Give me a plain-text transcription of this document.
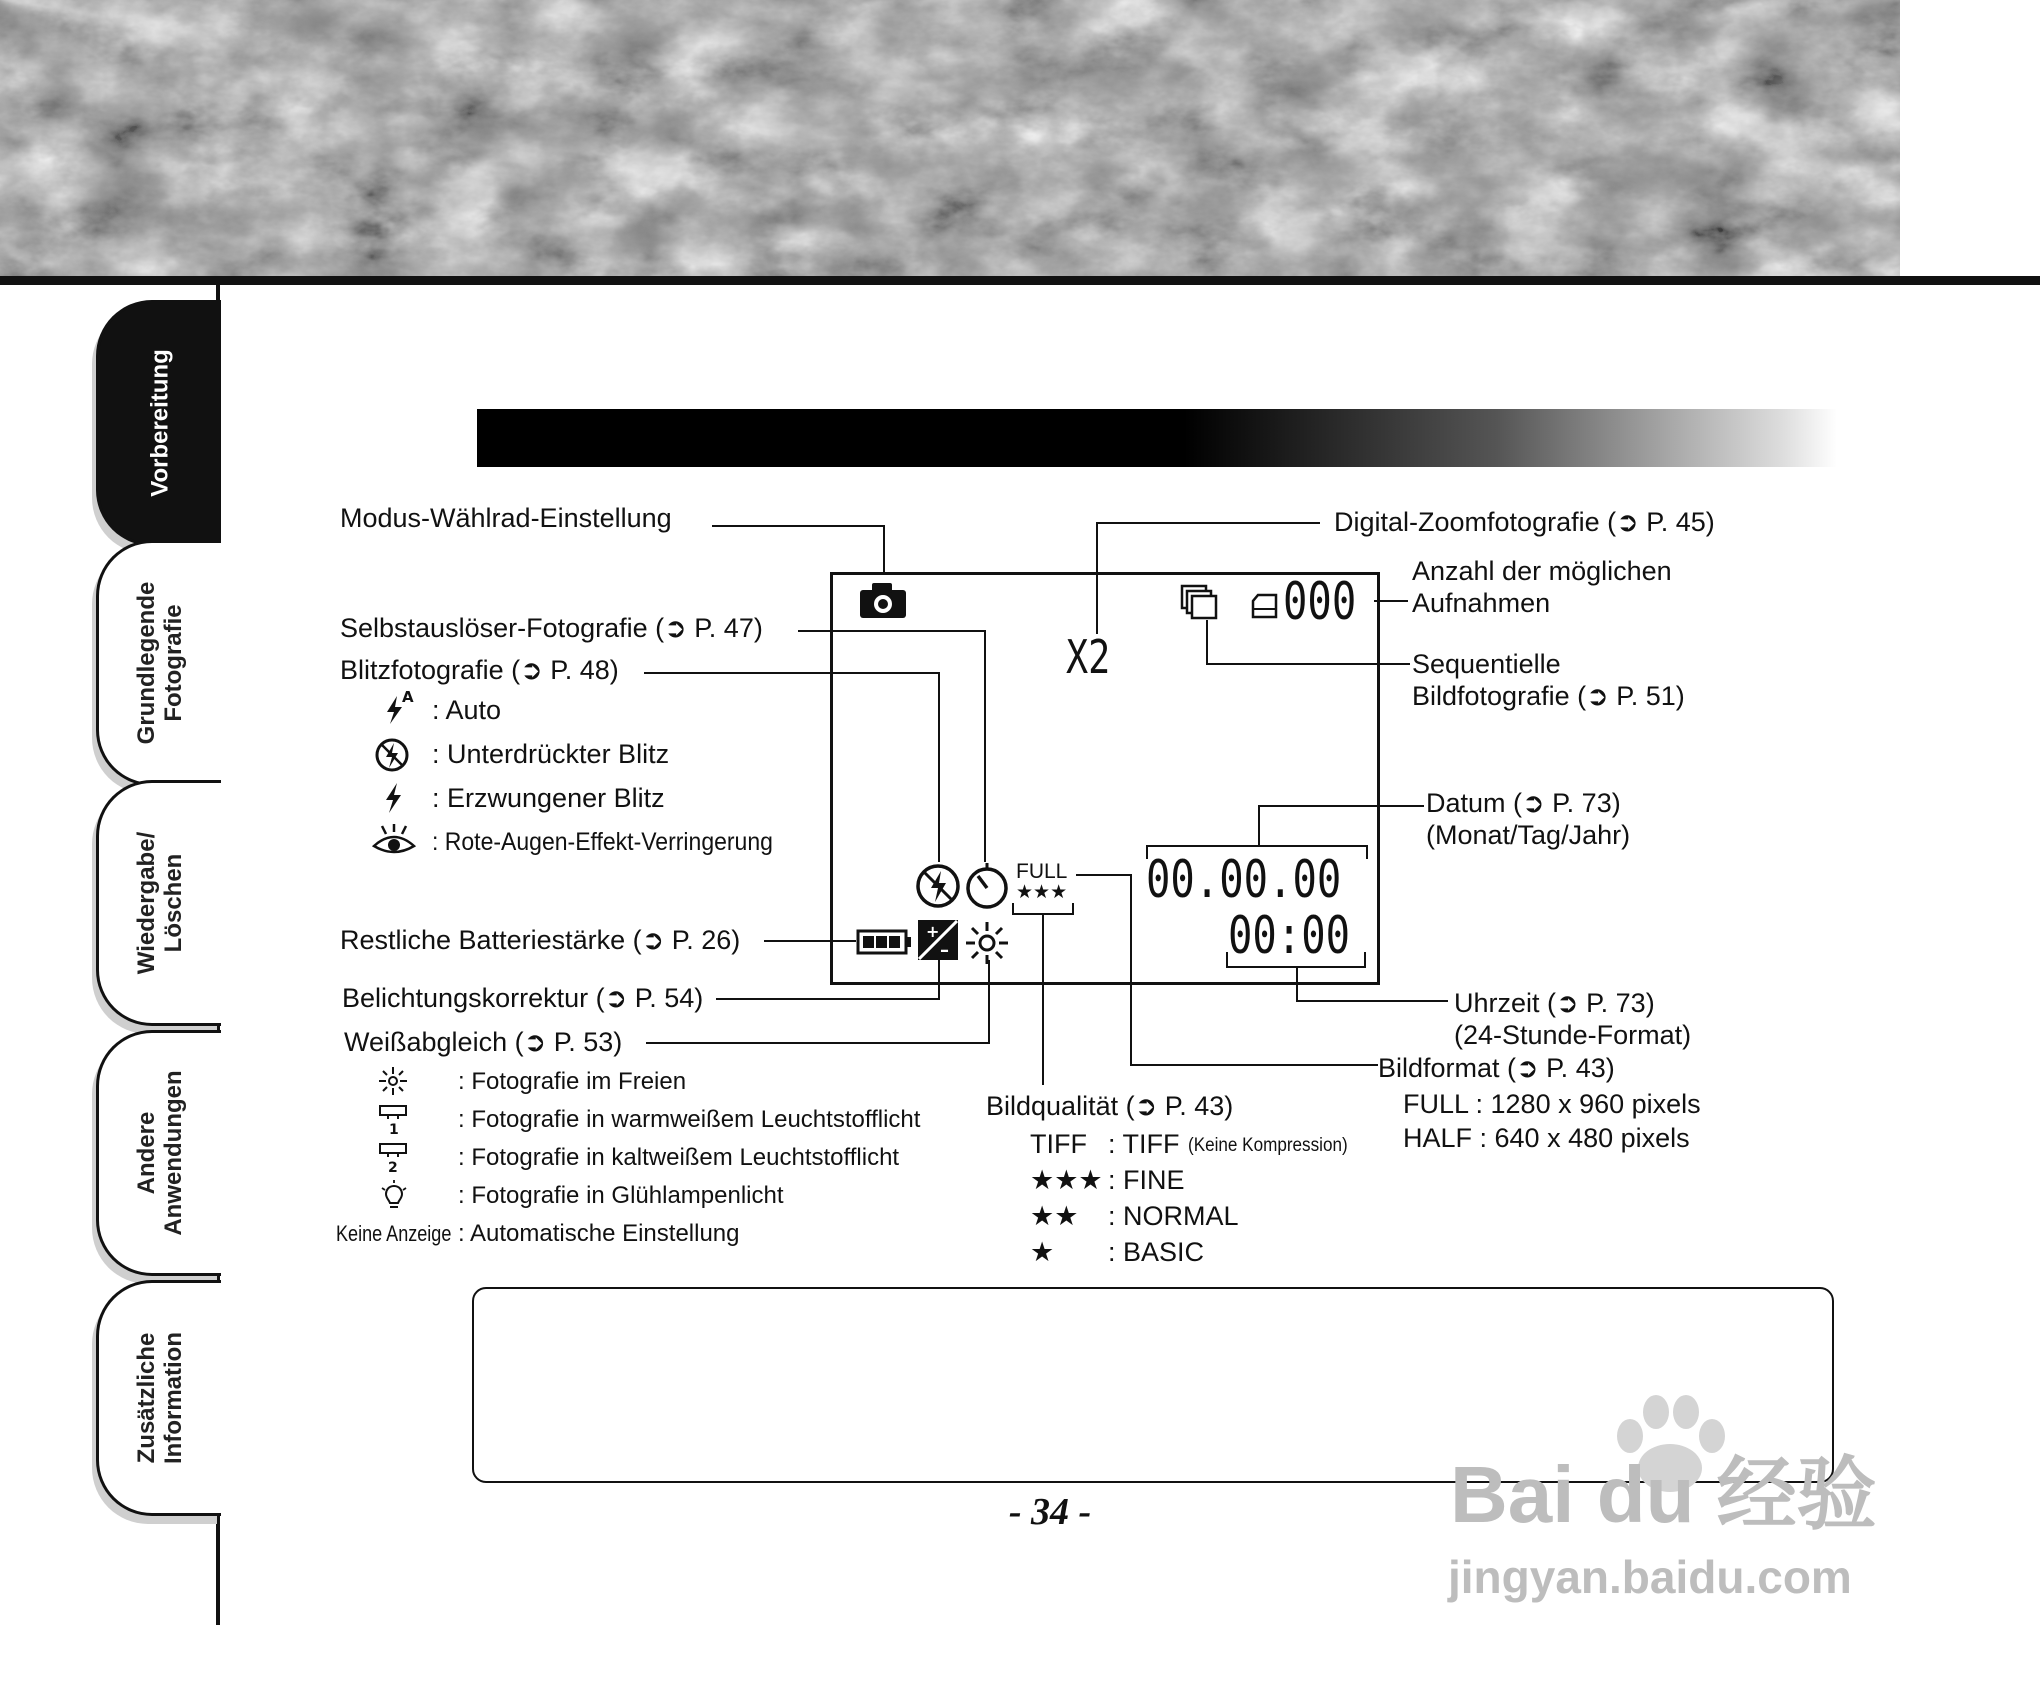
Vorbereitung
Grundlegende
Fotografie
Wiedergabe/
Löschen
Andere
Anwendungen
Zusätzliche
Information
X2
000
FULL
★★★ 00.00.00
00:00
+
–
Modus-Wählrad-Einstellung
Selbstauslöser-Fotografie (➲ P. 47)
Blitzfotografie (➲ P. 48)
A : Auto
: Unterdrückter Blitz
: Erzwungener Blitz
: Rote-Augen-Effekt-Verringerung
Restliche Batteriestärke (➲ P. 26)
Belichtungskorrektur (➲ P. 54)
Weißabgleich (➲ P. 53)
: Fotografie im Freien
1 : Fotografie in warmweißem Leuchtstofflicht
2	: Fotografie in kaltweißem Leuchtstofflicht
: Fotografie in Glühlampenlicht
Keine Anzeige : Automatische Einstellung
Digital-Zoomfotografie (➲ P. 45)
Anzahl der möglichen
Aufnahmen
Sequentielle
Bildfotografie (➲ P. 51)
Datum (➲ P. 73)
(Monat/Tag/Jahr)
Uhrzeit (➲ P. 73)
(24-Stunde-Format)
Bildformat (➲ P. 43)
FULL : 1280 x 960 pixels
HALF : 640 x 480 pixels
Bildqualität (➲ P. 43)
TIFF : TIFF (Keine Kompression)
★★★ : FINE
★★ : NORMAL
★ : BASIC
- 34 -	Bai du 经验
jingyan.baidu.com
